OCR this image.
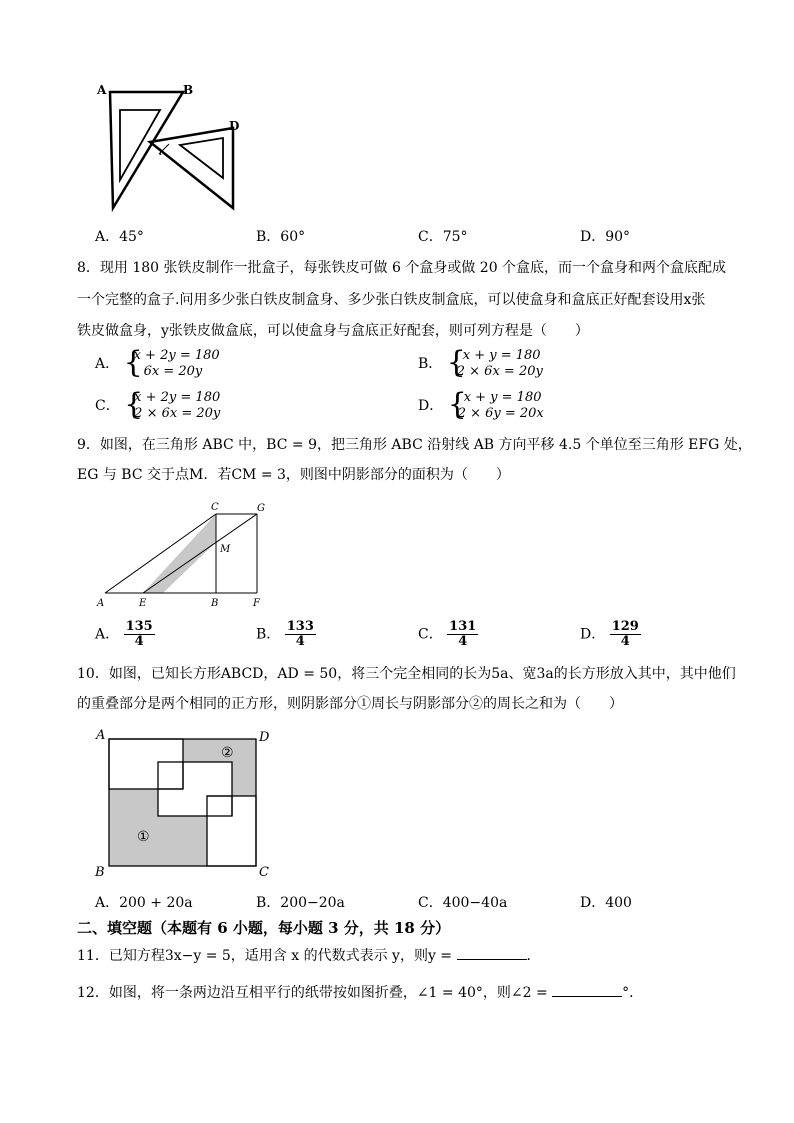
A	B
D
1
A．45°	B．60°	C．75°	D．90°
8．现用 180 张铁皮制作一批盒子，每张铁皮可做 6 个盒身或做 20 个盒底，而一个盒身和两个盒底配成
一个完整的盒子.问用多少张白铁皮制盒身、多少张白铁皮制盒底，可以使盒身和盒底正好配套设用x张
铁皮做盒身，y张铁皮做盒底，可以使盒身与盒底正好配套，则可列方程是（　　）
A． {
x + 2y = 180
6x = 20y	B． {
x + y = 180
2 × 6x = 20y
C． {
x + 2y = 180
2 × 6x = 20y	D． {
x + y = 180
2 × 6y = 20x
9．如图，在三角形 ABC 中，BC = 9，把三角形 ABC 沿射线 AB 方向平移 4.5 个单位至三角形 EFG 处，
EG 与 BC 交于点M．若CM = 3，则图中阴影部分的面积为（　　）
A	E	B	F
C	G
M
A． $\frac{135}{4}$	B． $\frac{133}{4}$	C． $\frac{131}{4}$	D． $\frac{129}{4}$
10．如图，已知长方形ABCD，AD = 50，将三个完全相同的长为5a、宽3a的长方形放入其中，其中他们
的重叠部分是两个相同的正方形，则阴影部分①周长与阴影部分②的周长之和为（　　）
A	D
B	C
①
②
A．200 + 20a	B．200−20a	C．400−40a	D．400
二、填空题（本题有 6 小题，每小题 3 分，共 18 分）
11．已知方程3x−y = 5，适用含 x 的代数式表示 y，则y =	．
12．如图，将一条两边沿互相平行的纸带按如图折叠，∠1 = 40°，则∠2 =	°．
